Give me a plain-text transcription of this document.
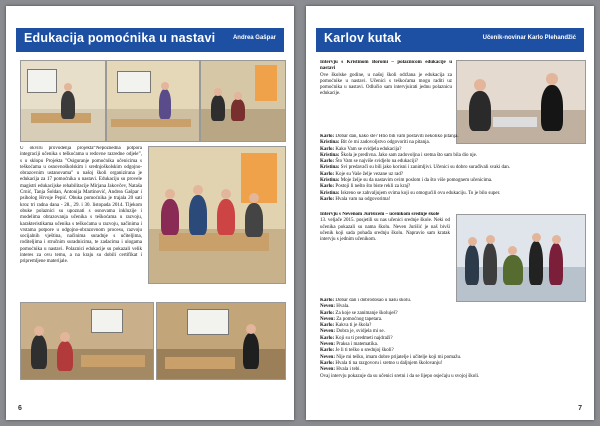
Edukacija pomoćnika u nastavi	Andrea Gašpar

U okviru provođenja projekta“Nepoznedna potpora integraciji učenika s teškoćama u redovne razredne odjele”, s u sklopu Projekta "Osiguranje pomoćnika učenicima s teškoćama u osnovnoškolskim i srednjoškolskim odgojno-obrazovnim ustanovama" u našoj školi organizirana je edukacija za 17 pomoćnika u nastavi. Edukaciju su provele magistri edukacijske rehabilitacije Mirjana Jakovčev, Nataša Crnić, Tanja Šoldan, Antonija Martinović, Andrea Gašpar i psiholog Hrvoje Pepić. Obuka pomoćnika je trajala 20 sati kroz tri radna dana - 28., 29. i 30. listopada 2014. Tijekom obuke polaznici su upoznati s osnovama inkluzije i modelima obrazovanja učenika s teškoćama u razvoju, karakteristikama učenika s teškoćama u razvoju, načinima i vrstama potpore u odgojno-obrazovnom procesu, razvoju socijalnih vještina, načinima suradnje s učiteljima, roditeljima i stručnim suradnicima, te zadacima i ulogama pomoćnika u nastavi. Polaznici edukacije su pokazali velik interes za ovu temu, a na kraju su dobili certifikat i pripremljene materijale.

6
Karlov kutak	Učenik-novinar Karlo Plehandžić

Intervju s Kristinom Boromi – polaznicom edukacije u nastavi

Ove školske godine, u našoj školi održana je edukacija za pomoćnike u nastavi. Učenici s teškoćama mogu raditi uz pomoćnika u nastavi. Odlučio sam intervjuirati jednu polaznicu edukacije.

Karlo: Dobar dan, kako ste? Htio bih vam postaviti nekoliko pitanja.

Kristina: Bit će mi zadovoljstvo odgovoriti na pitanja.

Karlo: Kako Vam se svidjela edukacija?

Kristina: Škola je predivna. Jako sam zadovoljna i sretna što sam bila dio nje.

Karlo: Što Vam se najviše svidjelo na edukaciji?

Kristina: Svi predavači su bili jako korisni i zanimljivi. Učenici su dobro surađivali svaki dan.

Karlo: Koje su Vaše želje vezane uz rad?

Kristina: Moje želje su da nastavim ovim poslom i da što više pomognem učenicima.

Karlo: Postoji li nešto što biste rekli za kraj?

Kristina: Iskreno se zahvaljujem svima koji su omogućili ovu edukaciju. To je bilo super.

Karlo: Hvala vam na odgovorima!

Intervju s Nevenom Jurišićem – učenikom srednje škole

13. veljače 2015. posjetili su nas učenici srednje škole. Neki od učenika pokazali su nama školu. Neven Jurišić je naš bivši učenik koji sada pohađa srednju školu. Napravio sam kratak intervju s jednim učenikom.

Karlo: Dobar dan i dobrodošao u našu školu.

Neven: Hvala.

Karlo: Za koje se zanimanje školuješ?

Neven: Za pomoćnog tapetara.

Karlo: Kakva ti je škola?

Neven: Dobra je, svidjela mi se.

Karlo: Koji su ti predmeti najdraži?

Neven: Praksa i matematika.

Karlo: Je li ti teško u srednjoj školi?

Neven: Nije mi teško, imam dobre prijatelje i učitelje koji mi pomažu.

Karlo: Hvala ti na razgovoru i sretno u daljnjem školovanju!

Neven: Hvala i tebi.

Ovaj intervju pokazuje da su učenici sretni i da se lijepo osjećaju u svojoj školi.

7
